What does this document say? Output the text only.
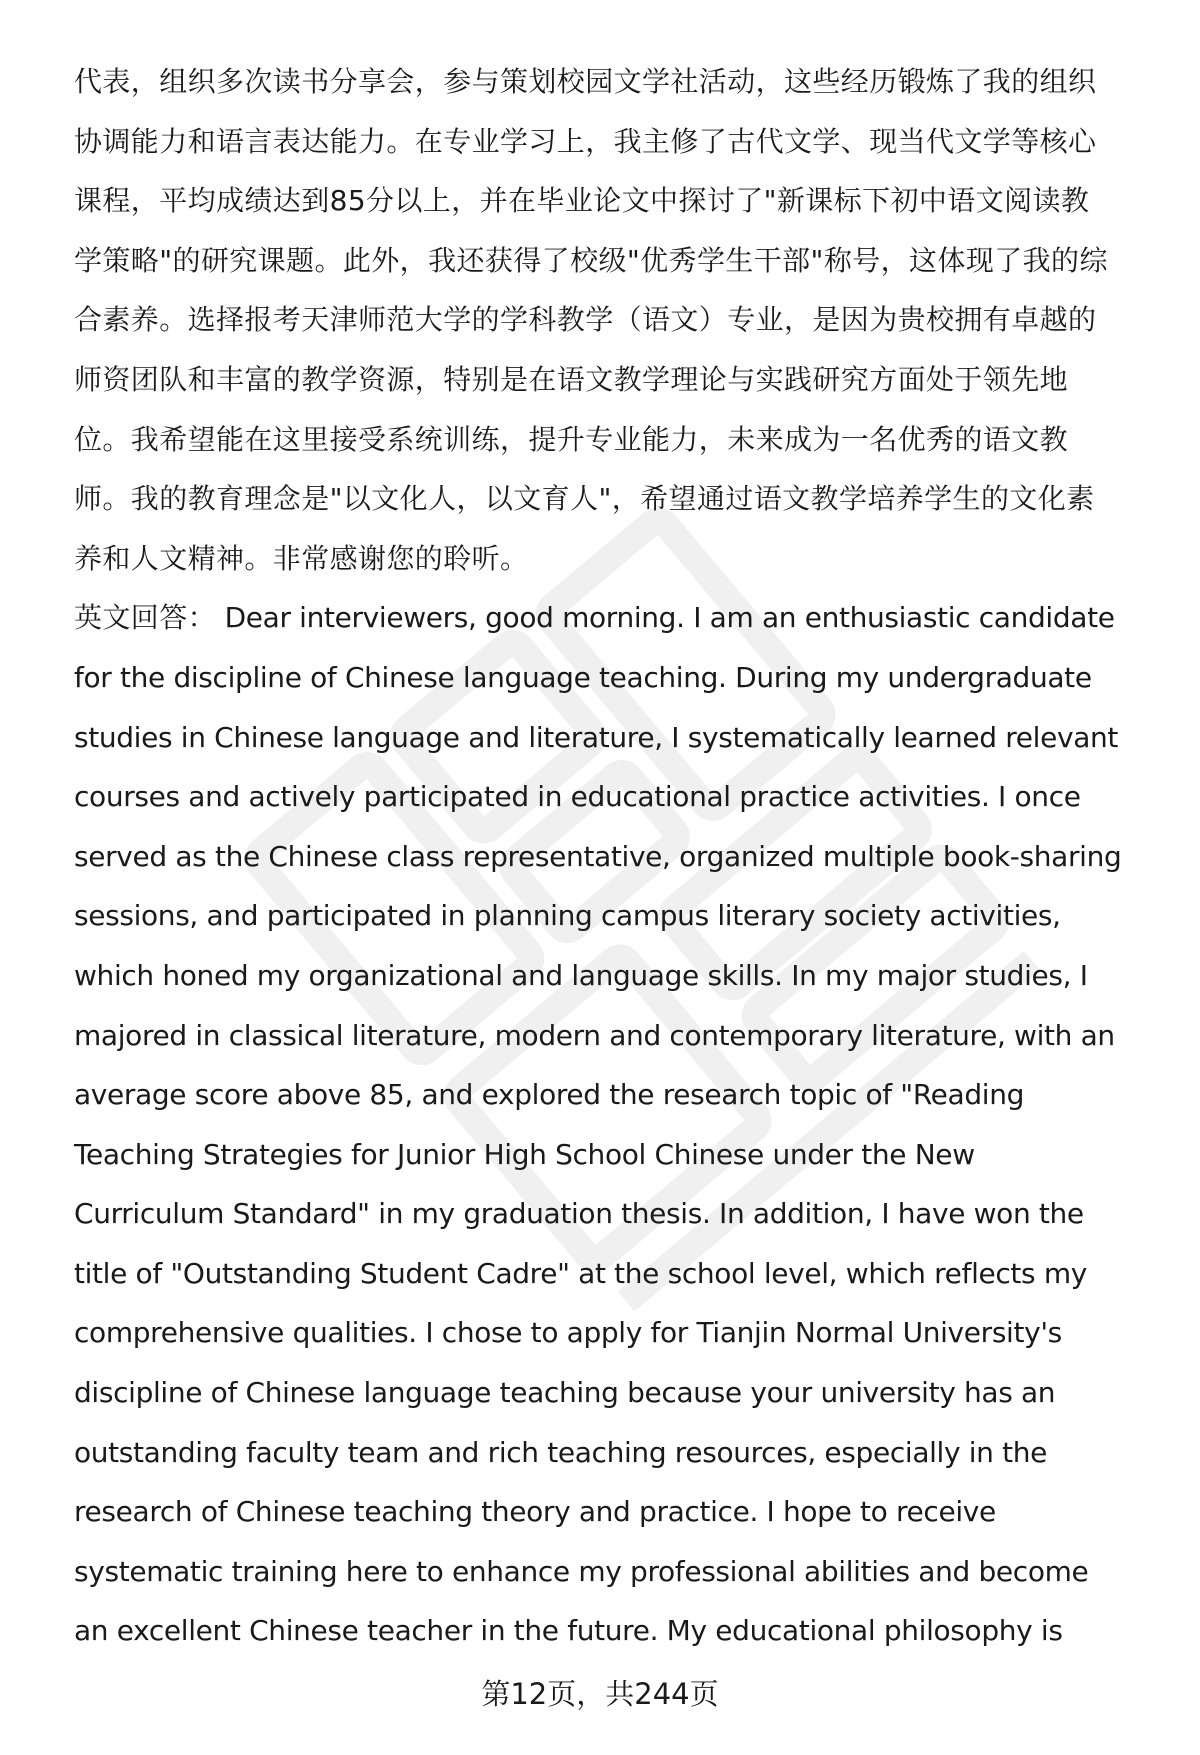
代表，组织多次读书分享会，参与策划校园文学社活动，这些经历锻炼了我的组织
协调能力和语言表达能力。在专业学习上，我主修了古代文学、现当代文学等核心
课程，平均成绩达到85分以上，并在毕业论文中探讨了"新课标下初中语文阅读教
学策略"的研究课题。此外，我还获得了校级"优秀学生干部"称号，这体现了我的综
合素养。选择报考天津师范大学的学科教学（语文）专业，是因为贵校拥有卓越的
师资团队和丰富的教学资源，特别是在语文教学理论与实践研究方面处于领先地
位。我希望能在这里接受系统训练，提升专业能力，未来成为一名优秀的语文教
师。我的教育理念是"以文化人，以文育人"，希望通过语文教学培养学生的文化素
养和人文精神。非常感谢您的聆听。
英文回答： Dear interviewers, good morning. I am an enthusiastic candidate
for the discipline of Chinese language teaching. During my undergraduate
studies in Chinese language and literature, I systematically learned relevant
courses and actively participated in educational practice activities. I once
served as the Chinese class representative, organized multiple book-sharing
sessions, and participated in planning campus literary society activities,
which honed my organizational and language skills. In my major studies, I
majored in classical literature, modern and contemporary literature, with an
average score above 85, and explored the research topic of "Reading
Teaching Strategies for Junior High School Chinese under the New
Curriculum Standard" in my graduation thesis. In addition, I have won the
title of "Outstanding Student Cadre" at the school level, which reflects my
comprehensive qualities. I chose to apply for Tianjin Normal University's
discipline of Chinese language teaching because your university has an
outstanding faculty team and rich teaching resources, especially in the
research of Chinese teaching theory and practice. I hope to receive
systematic training here to enhance my professional abilities and become
an excellent Chinese teacher in the future. My educational philosophy is
第12页，共244页
